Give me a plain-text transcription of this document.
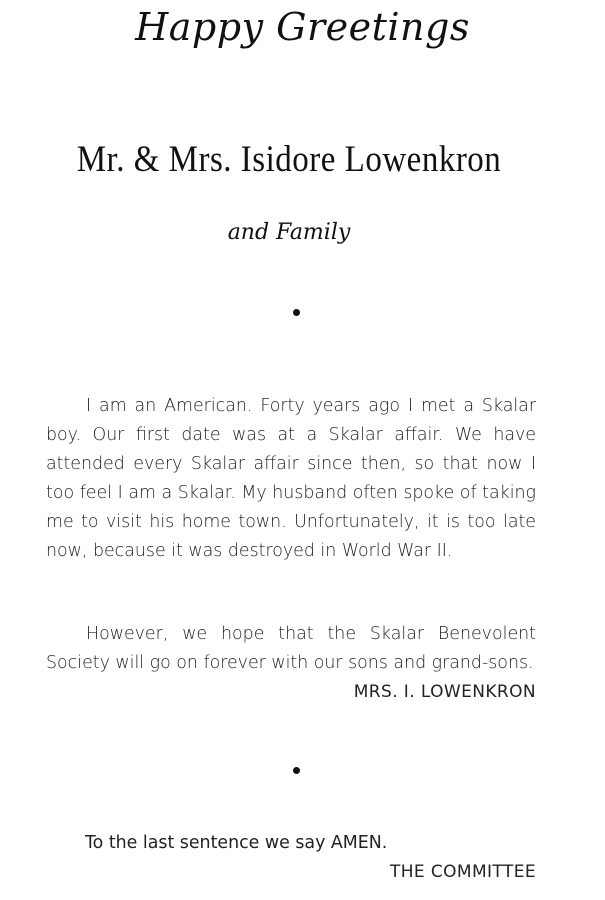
Happy Greetings
Mr. & Mrs. Isidore Lowenkron
and Family
I am an American. Forty years ago I met a Skalar boy. Our first date was at a Skalar affair. We have attended every Skalar affair since then, so that now I too feel I am a Skalar. My husband often spoke of taking me to visit his home town. Unfortunately, it is too late now, because it was destroyed in World War II.
However, we hope that the Skalar Benevolent Society will go on forever with our sons and grand-sons.
MRS. I. LOWENKRON
To the last sentence we say AMEN.
THE COMMITTEE
